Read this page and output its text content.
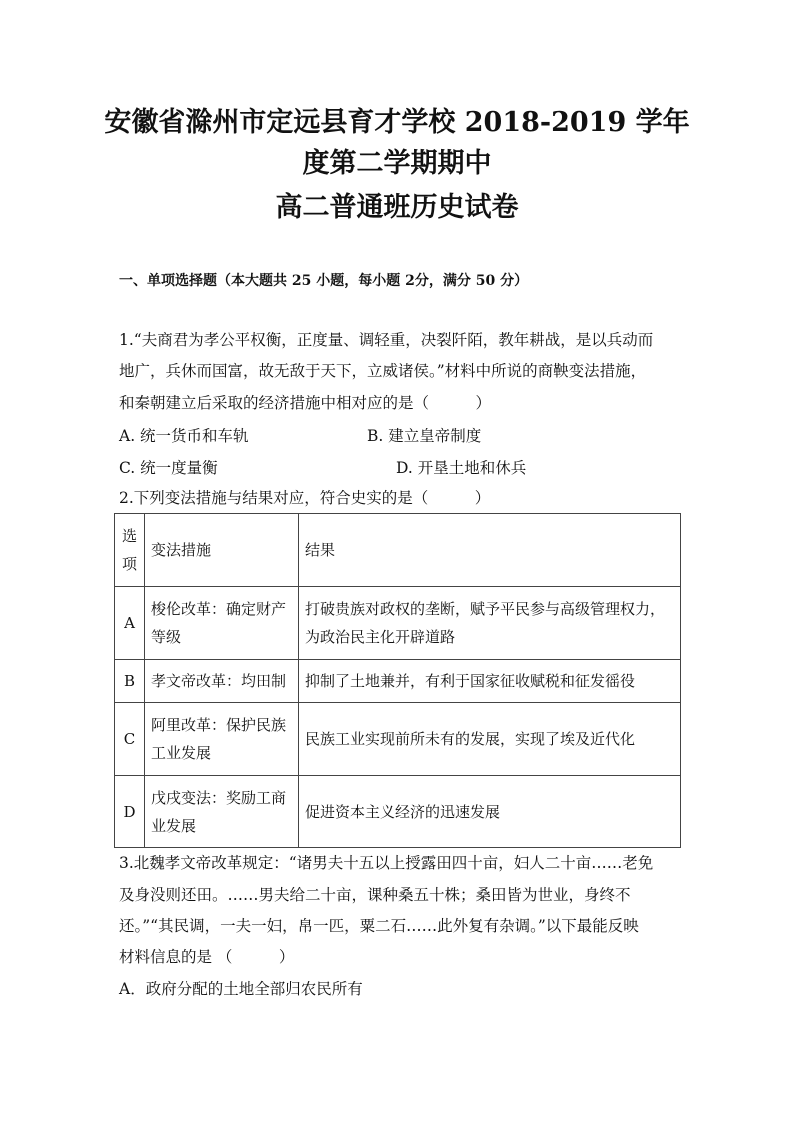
安徽省滁州市定远县育才学校 2018-2019 学年
度第二学期期中
高二普通班历史试卷
一、单项选择题（本大题共 25 小题，每小题 2分，满分 50 分）
1.“夫商君为孝公平权衡，正度量、调轻重，决裂阡陌，教年耕战，是以兵动而
地广，兵休而国富，故无敌于天下，立威诸侯。”材料中所说的商鞅变法措施，
和秦朝建立后采取的经济措施中相对应的是（　　　）
A. 统一货币和车轨	B. 建立皇帝制度
C. 统一度量衡	D. 开垦土地和休兵
2.下列变法措施与结果对应，符合史实的是（　　　）
选项	变法措施	结果
A	梭伦改革：确定财产等级	打破贵族对政权的垄断，赋予平民参与高级管理权力，为政治民主化开辟道路
B	孝文帝改革：均田制	抑制了土地兼并，有利于国家征收赋税和征发徭役
C	阿里改革：保护民族工业发展	民族工业实现前所未有的发展，实现了埃及近代化
D	戊戌变法：奖励工商业发展	促进资本主义经济的迅速发展
3.北魏孝文帝改革规定：“诸男夫十五以上授露田四十亩，妇人二十亩……老免
及身没则还田。……男夫给二十亩，课种桑五十株；桑田皆为世业，身终不
还。”“其民调，一夫一妇，帛一匹，粟二石……此外复有杂调。”以下最能反映
材料信息的是 （　　　）
A．政府分配的土地全部归农民所有
